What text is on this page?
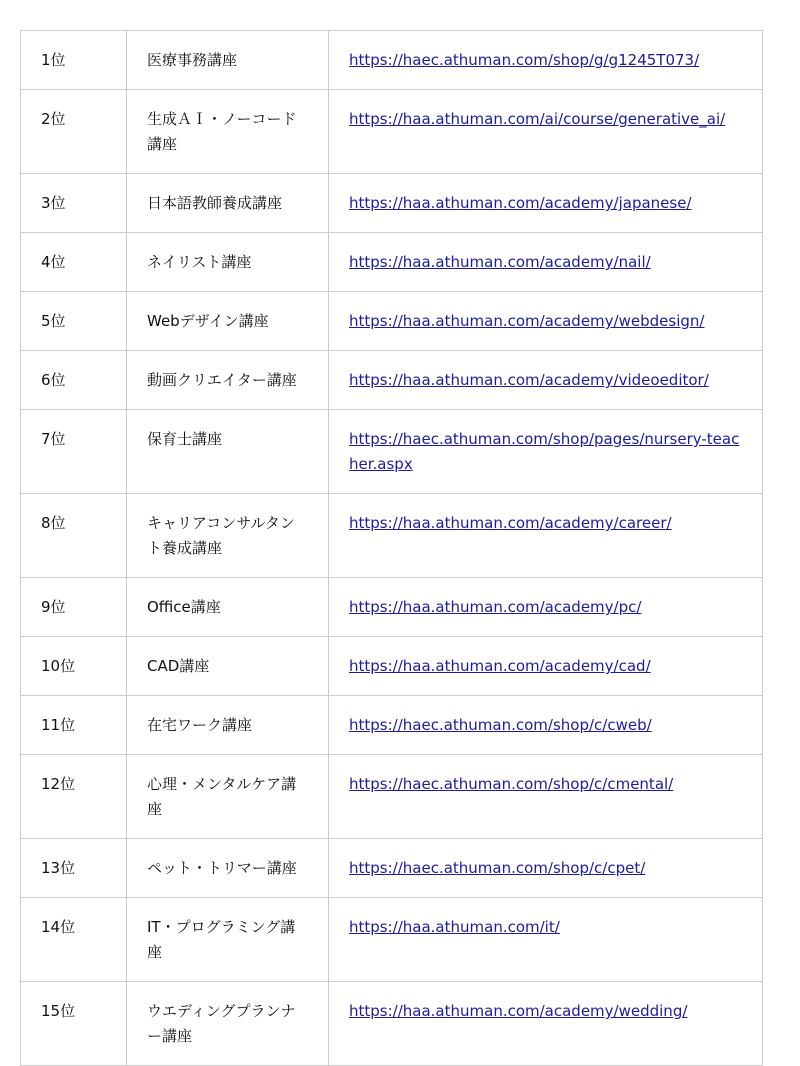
1位	医療事務講座	https://haec.athuman.com/shop/g/g1245T073/
2位	生成ＡＩ・ノーコード講座	https://haa.athuman.com/ai/course/generative_ai/
3位	日本語教師養成講座	https://haa.athuman.com/academy/japanese/
4位	ネイリスト講座	https://haa.athuman.com/academy/nail/
5位	Webデザイン講座	https://haa.athuman.com/academy/webdesign/
6位	動画クリエイター講座	https://haa.athuman.com/academy/videoeditor/
7位	保育士講座	https://haec.athuman.com/shop/pages/nursery-teacher.aspx
8位	キャリアコンサルタント養成講座	https://haa.athuman.com/academy/career/
9位	Office講座	https://haa.athuman.com/academy/pc/
10位	CAD講座	https://haa.athuman.com/academy/cad/
11位	在宅ワーク講座	https://haec.athuman.com/shop/c/cweb/
12位	心理・メンタルケア講座	https://haec.athuman.com/shop/c/cmental/
13位	ペット・トリマー講座	https://haec.athuman.com/shop/c/cpet/
14位	IT・プログラミング講座	https://haa.athuman.com/it/
15位	ウエディングプランナー講座	https://haa.athuman.com/academy/wedding/
